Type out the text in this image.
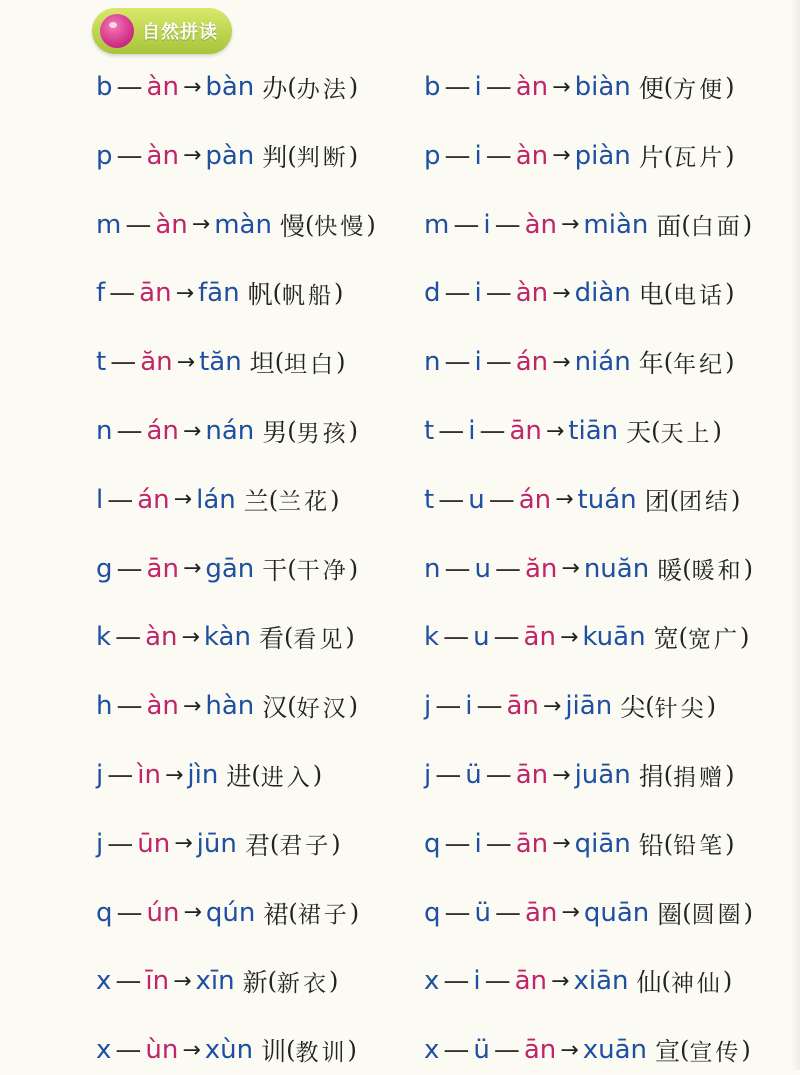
自然拼读
b — àn → bàn 办 ( 办法 )	b — i — àn → biàn 便 ( 方便 )
p — àn → pàn 判 ( 判断 )	p — i — àn → piàn 片 ( 瓦片 )
m — àn → màn 慢 ( 快慢 ) m — i — àn → miàn 面 ( 白面 )
f — ān → fān 帆 ( 帆船 )	d — i — àn → diàn 电 ( 电话 )
t — ăn → tăn 坦 ( 坦白 )	n — i — án → nián 年 ( 年纪 )
n — án → nán 男 ( 男孩 )	t — i — ān → tiān 天 ( 天上 )
l — án → lán 兰 ( 兰花 )	t — u — án → tuán 团 ( 团结 )
g — ān → gān 干 ( 干净 )	n — u — ăn → nuăn 暖 ( 暖和 )
k — àn → kàn 看 ( 看见 )	k — u — ān → kuān 宽 ( 宽广 )
h — àn → hàn 汉 ( 好汉 )	j — i — ān → jiān 尖 ( 针尖 )
j — ìn → jìn 进 ( 进入 )	j — ü — ān → juān 捐 ( 捐赠 )
j — ūn → jūn 君 ( 君子 )	q — i — ān → qiān 铅 ( 铅笔 )
q — ún → qún 裙 ( 裙子 ) q — ü — ān → quān 圈 ( 圆圈 )
x — īn → xīn 新 ( 新衣 )	x — i — ān → xiān 仙 ( 神仙 )
x — ùn → xùn 训 ( 教训 )	x — ü — ān → xuān 宣 ( 宣传 )
